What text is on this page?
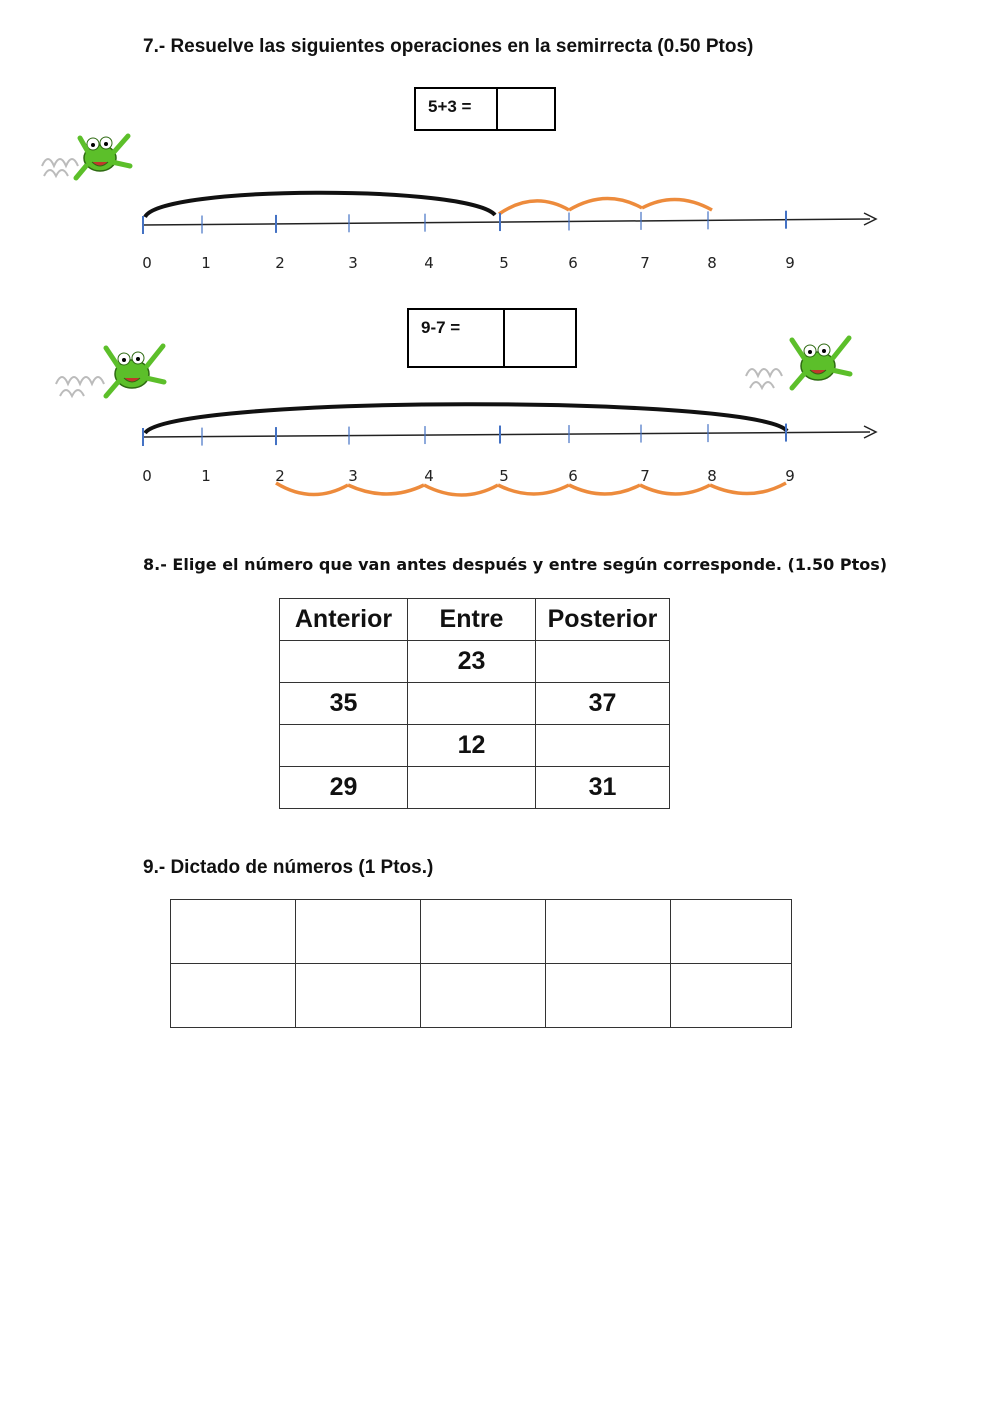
7.- Resuelve las siguientes operaciones en la semirrecta (0.50 Ptos)
5+3 =
9-7 =
0	1	2	3	4	5	6	7	8	9
0	1	2	3	4	5	6	7	8	9
8.- Elige el número que van antes después y entre según corresponde. (1.50 Ptos)
Anterior	Entre	Posterior
	23	
35		37
	12	
29		31
9.- Dictado de números (1 Ptos.)
